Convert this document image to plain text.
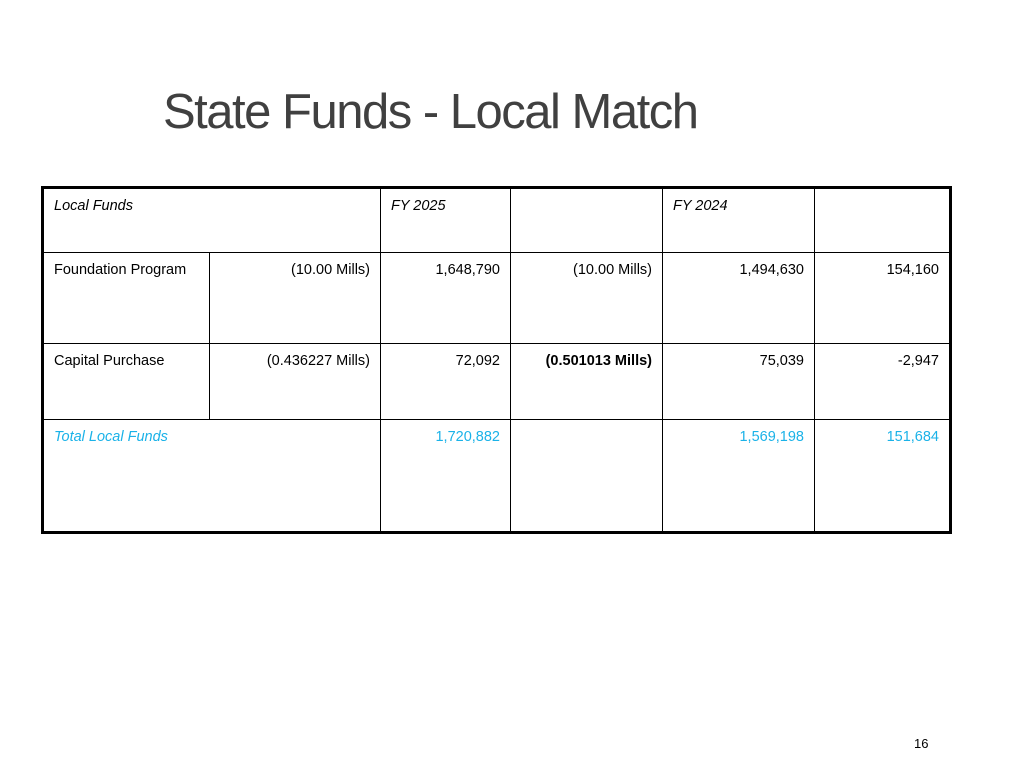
State Funds - Local Match
Local Funds		FY 2025		FY 2024	
Foundation Program	(10.00 Mills)	1,648,790	(10.00 Mills)	1,494,630	154,160
Capital Purchase	(0.436227 Mills)	72,092	(0.501013 Mills)	75,039	-2,947
Total Local Funds		1,720,882		1,569,198	151,684
16
